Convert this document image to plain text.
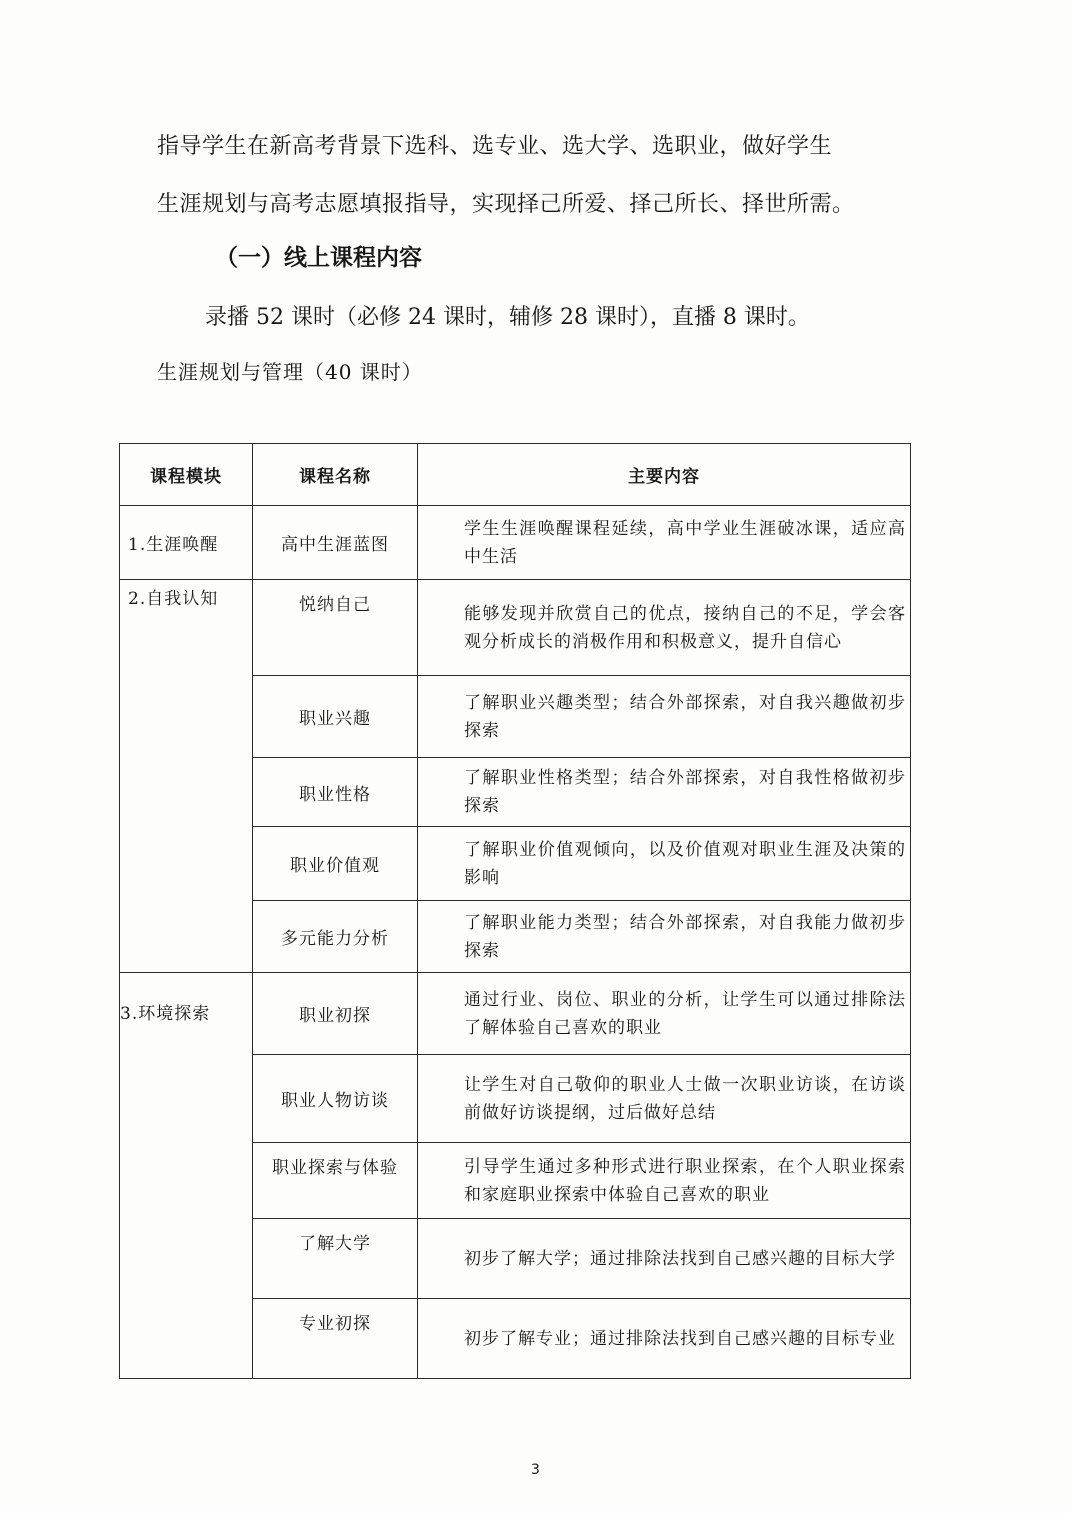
指导学生在新高考背景下选科、选专业、选大学、选职业，做好学生
生涯规划与高考志愿填报指导，实现择己所爱、择己所长、择世所需。
（一）线上课程内容
录播 52 课时（必修 24 课时，辅修 28 课时），直播 8 课时。
生涯规划与管理（40 课时）
课程模块	课程名称	主要内容
1.生涯唤醒	高中生涯蓝图	学生生涯唤醒课程延续，高中学业生涯破冰课，适应高中生活

2.自我认知	悦纳自己	能够发现并欣赏自己的优点，接纳自己的不足，学会客观分析成长的消极作用和积极意义，提升自信心

	职业兴趣	了解职业兴趣类型；结合外部探索，对自我兴趣做初步探索

	职业性格	了解职业性格类型；结合外部探索，对自我性格做初步探索

	职业价值观	了解职业价值观倾向，以及价值观对职业生涯及决策的影响

	多元能力分析	了解职业能力类型；结合外部探索，对自我能力做初步探索

3.环境探索	职业初探	通过行业、岗位、职业的分析，让学生可以通过排除法了解体验自己喜欢的职业

	职业人物访谈	让学生对自己敬仰的职业人士做一次职业访谈，在访谈前做好访谈提纲，过后做好总结

	职业探索与体验	引导学生通过多种形式进行职业探索，在个人职业探索和家庭职业探索中体验自己喜欢的职业

	了解大学	初步了解大学；通过排除法找到自己感兴趣的目标大学

	专业初探	初步了解专业；通过排除法找到自己感兴趣的目标专业
3
